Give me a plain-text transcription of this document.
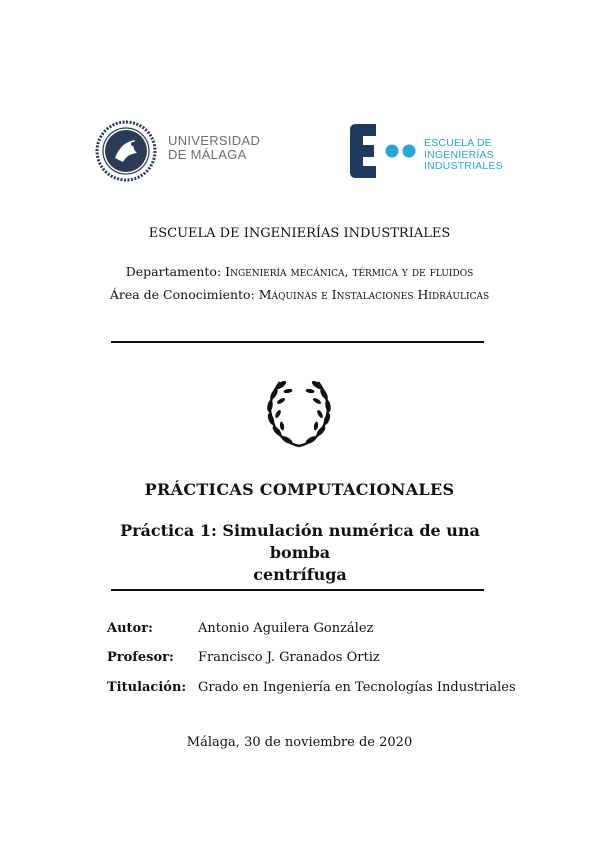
UNIVERSIDAD
DE MÁLAGA
ESCUELA DE
INGENIERÍAS
INDUSTRIALES
ESCUELA DE INGENIERÍAS INDUSTRIALES
Departamento: Ingeniería mecánica, térmica y de fluidos
Área de Conocimiento: Máquinas e Instalaciones Hidráulicas
PRÁCTICAS COMPUTACIONALES
Práctica 1: Simulación numérica de una bomba
centrífuga
Autor:	Antonio Aguilera González
Profesor: Francisco J. Granados Ortiz
Titulación: Grado en Ingeniería en Tecnologías Industriales
Málaga, 30 de noviembre de 2020
